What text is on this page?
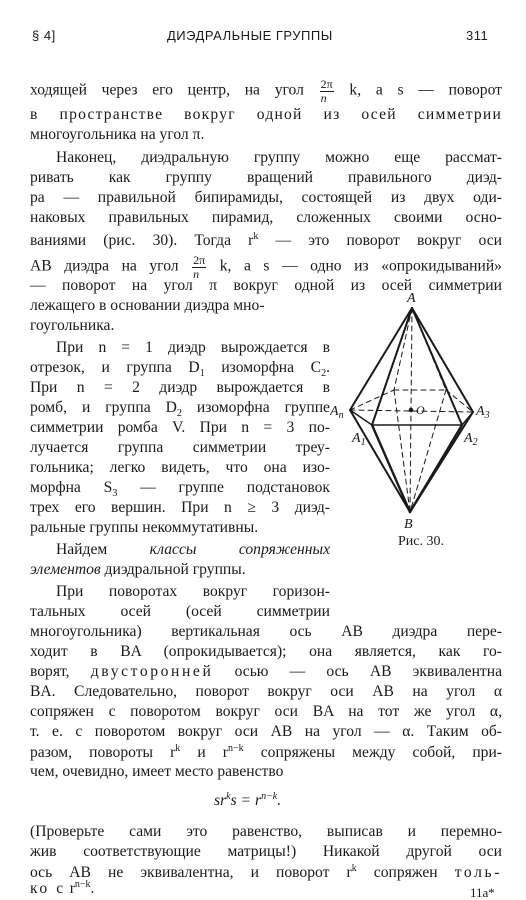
§ 4]	ДИЭДРАЛЬНЫЕ ГРУППЫ	311
ходящей через его центр, на угол $\frac{2\pi}{n} k$, а s — поворот
в пространстве вокруг одной из осей симметрии
многоугольника на угол π.
Наконец, диэдральную группу можно еще рассмат-
ривать как группу вращений правильного диэд-
ра — правильной бипирамиды, состоящей из двух оди-
наковых правильных пирамид, сложенных своими осно-
ваниями (рис. 30). Тогда $r^k$ — это поворот вокруг оси
AB диэдра на угол $\frac{2\pi}{n} k$, а s — одно из «опрокидываний»
— поворот на угол π вокруг одной из осей симметрии
лежащего в основании диэдра мно-
гоугольника.
При n = 1 диэдр вырождается в
отрезок, и группа $D_1$ изоморфна $C_2$.
При n = 2 диэдр вырождается в
ромб, и группа $D_2$ изоморфна группе
симметрии ромба V. При n = 3 по-
лучается группа симметрии треу-
гольника; легко видеть, что она изо-
морфна $S_3$ — группе подстановок
трех его вершин. При n ≥ 3 диэд-
ральные группы некоммутативны.
Найдем классы сопряженных
элементов диэдральной группы.
При поворотах вокруг горизон-
тальных осей (осей симметрии
многоугольника) вертикальная ось AB диэдра пере-
ходит в BA (опрокидывается); она является, как го-
ворят, двусторонней осью — ось AB эквивалентна
BA. Следовательно, поворот вокруг оси AB на угол α
сопряжен с поворотом вокруг оси BA на тот же угол α,
т. е. с поворотом вокруг оси AB на угол — α. Таким об-
разом, повороты $r^k$ и $r^{n-k}$ сопряжены между собой, при-
чем, очевидно, имеет место равенство
$sr^ks = r^{n-k}$.
(Проверьте сами это равенство, выписав и перемно-
жив соответствующие матрицы!) Никакой другой оси
ось AB не эквивалентна, и поворот $r^k$ сопряжен толь-
ко с $r^{n-k}$.	11а*
A
B
$A_n$
$A_1$	$A_2$
$A_3$
O
Рис. 30.
